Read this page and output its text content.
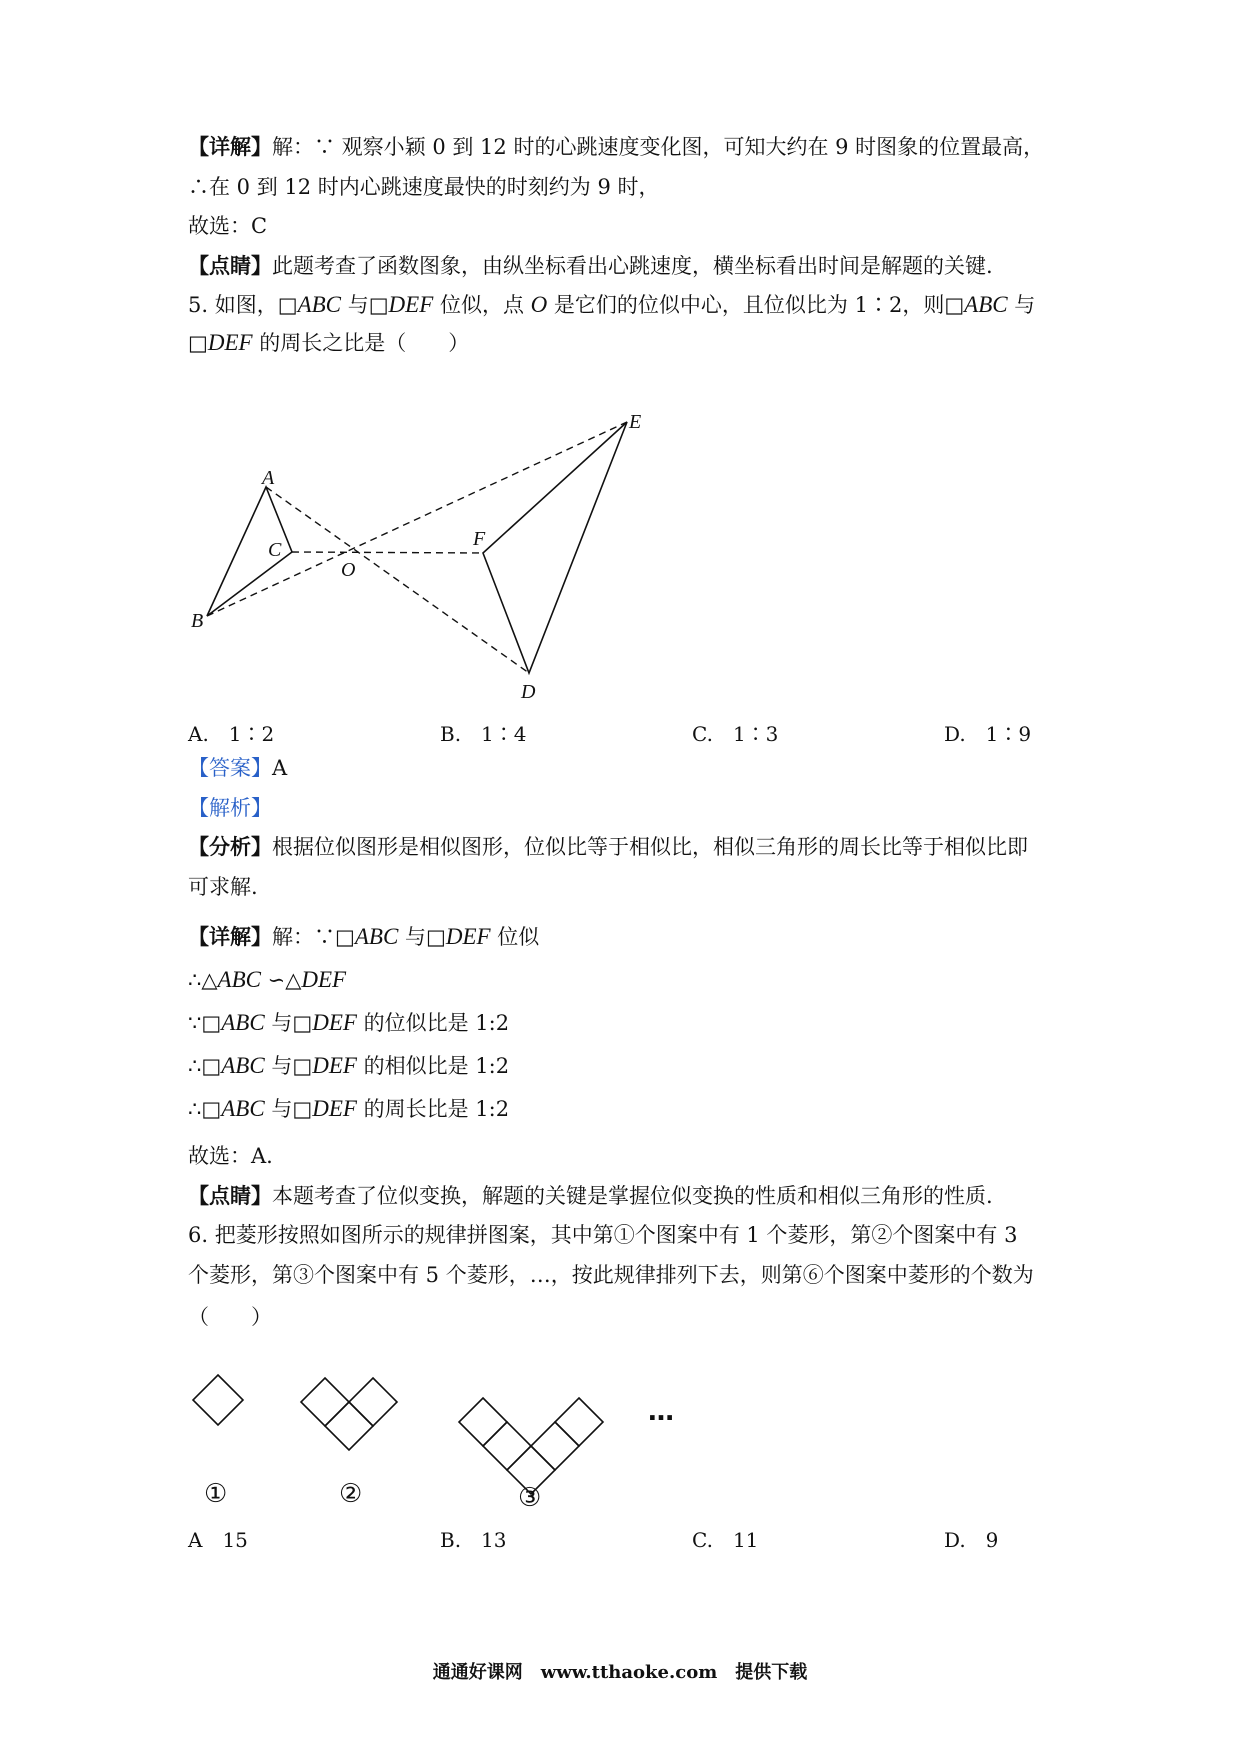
【详解】解：∵ 观察小颖 0 到 12 时的心跳速度变化图，可知大约在 9 时图象的位置最高，
∴在 0 到 12 时内心跳速度最快的时刻约为 9 时，
故选：C
【点睛】此题考查了函数图象，由纵坐标看出心跳速度，横坐标看出时间是解题的关键.
5. 如图，□ABC 与□DEF 位似，点 O 是它们的位似中心，且位似比为 1∶2，则□ABC 与
□DEF 的周长之比是（　　）
A
B
C
O
F
E
D
A.　1∶2	B.　1∶4	C.　1∶3	D.　1∶9
【答案】A
【解析】
【分析】根据位似图形是相似图形，位似比等于相似比，相似三角形的周长比等于相似比即
可求解.
【详解】解：∵□ABC 与□DEF 位似
∴△ABC ∽△DEF
∵□ABC 与□DEF 的位似比是 1:2
∴□ABC 与□DEF 的相似比是 1:2
∴□ABC 与□DEF 的周长比是 1:2
故选：A.
【点睛】本题考查了位似变换，解题的关键是掌握位似变换的性质和相似三角形的性质.
6. 把菱形按照如图所示的规律拼图案，其中第①个图案中有 1 个菱形，第②个图案中有 3
个菱形，第③个图案中有 5 个菱形，…，按此规律排列下去，则第⑥个图案中菱形的个数为
（　　）
①	②	③
…
A　15	B.　13	C.　11	D.　9
通通好课网　www.tthaoke.com　提供下载
